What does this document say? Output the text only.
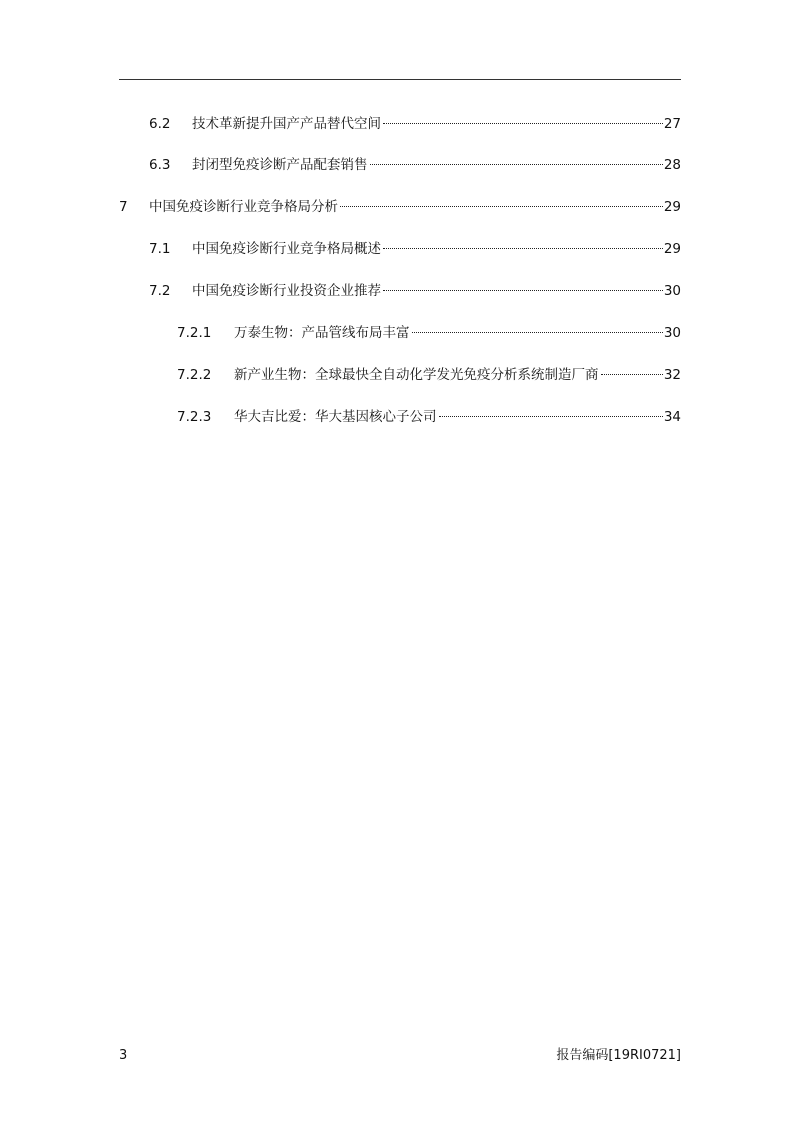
6.2	技术革新提升国产产品替代空间	27
6.3	封闭型免疫诊断产品配套销售	28
7	中国免疫诊断行业竞争格局分析	29
7.1	中国免疫诊断行业竞争格局概述	29
7.2	中国免疫诊断行业投资企业推荐	30
7.2.1	万泰生物：产品管线布局丰富	30
7.2.2	新产业生物：全球最快全自动化学发光免疫分析系统制造厂商	32
7.2.3	华大吉比爱：华大基因核心子公司	34
3	报告编码[19RI0721]
